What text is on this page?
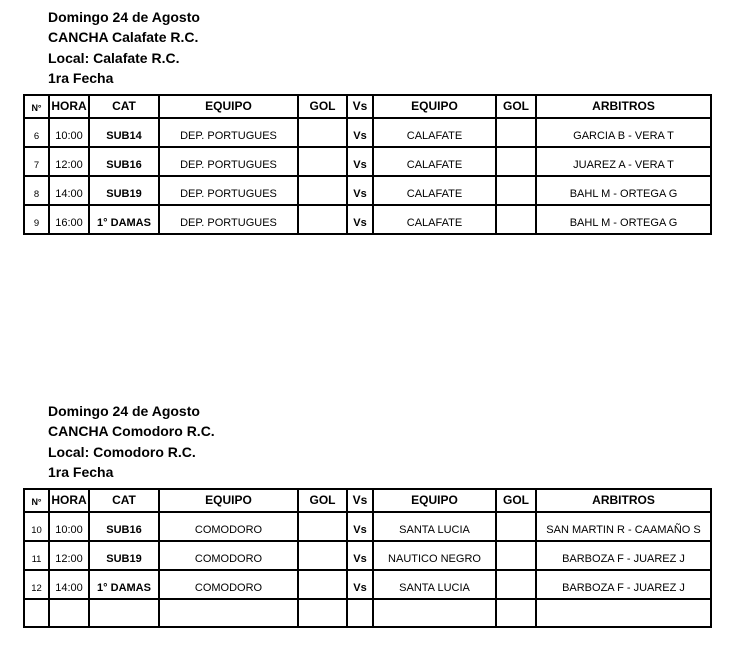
Domingo 24 de Agosto
CANCHA Calafate R.C.
Local: Calafate R.C.
1ra Fecha
N°	HORA	CAT	EQUIPO	GOL	Vs	EQUIPO	GOL	ARBITROS
6	10:00	SUB14	DEP. PORTUGUES		Vs	CALAFATE		GARCIA B - VERA T
7	12:00	SUB16	DEP. PORTUGUES		Vs	CALAFATE		JUAREZ A - VERA T
8	14:00	SUB19	DEP. PORTUGUES		Vs	CALAFATE		BAHL M - ORTEGA G
9	16:00	1° DAMAS	DEP. PORTUGUES		Vs	CALAFATE		BAHL M - ORTEGA G
Domingo 24 de Agosto
CANCHA Comodoro R.C.
Local: Comodoro R.C.
1ra Fecha
N°	HORA	CAT	EQUIPO	GOL	Vs	EQUIPO	GOL	ARBITROS
10	10:00	SUB16	COMODORO		Vs	SANTA LUCIA		SAN MARTIN R - CAAMAÑO S
11	12:00	SUB19	COMODORO		Vs	NAUTICO NEGRO		BARBOZA F - JUAREZ J
12	14:00	1° DAMAS	COMODORO		Vs	SANTA LUCIA		BARBOZA F - JUAREZ J
